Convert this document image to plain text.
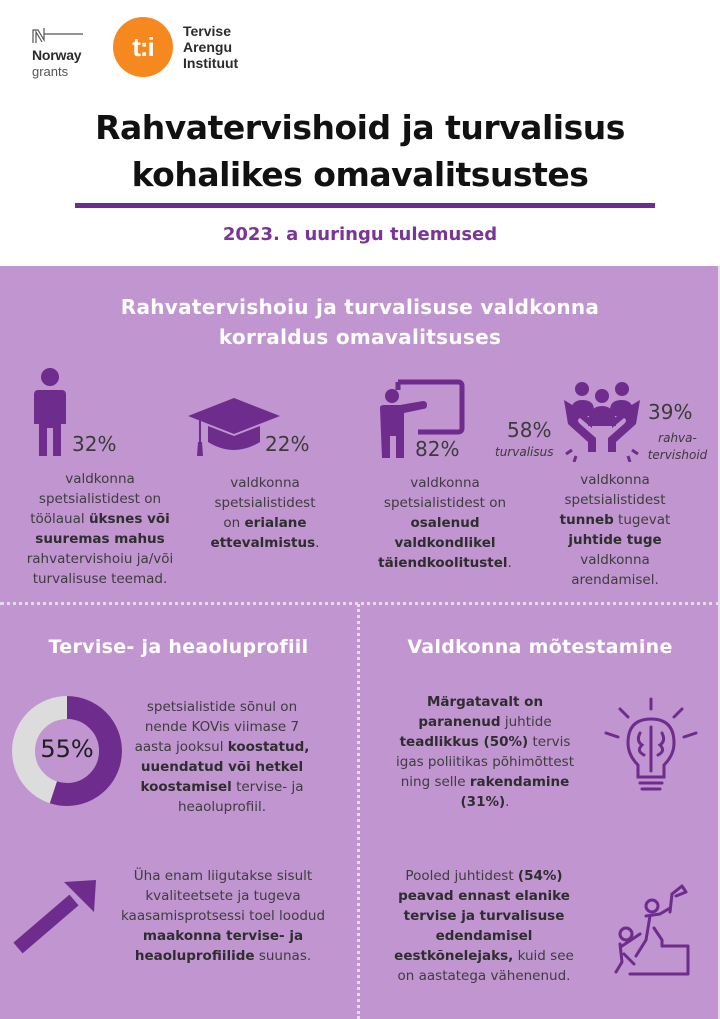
Norway
grants
t:i
Tervise
Arengu
Instituut
Rahvatervishoid ja turvalisus
kohalikes omavalitsustes
2023. a uuringu tulemused
Rahvatervishoiu ja turvalisuse valdkonna
korraldus omavalitsuses
32%
valdkonna
spetsialistidest on
töölaual üksnes või
suuremas mahus
rahvatervishoiu ja/või
turvalisuse teemad.
22%
valdkonna
spetsialistidest
on erialane
ettevalmistus.
82%
valdkonna
spetsialistidest on
osalenud
valdkondlikel
täiendkoolitustel.
58%
turvalisus
39%
rahva-
tervishoid
valdkonna
spetsialistidest
tunneb tugevat
juhtide tuge
valdkonna
arendamisel.
Tervise- ja heaoluprofiil
55%
spetsialistide sõnul on
nende KOVis viimase 7
aasta jooksul koostatud,
uuendatud või hetkel
koostamisel tervise- ja
heaoluprofiil.
Üha enam liigutakse sisult
kvaliteetsete ja tugeva
kaasamisprotsessi toel loodud
maakonna tervise- ja
heaoluprofiilide suunas.
Valdkonna mõtestamine
Märgatavalt on
paranenud juhtide
teadlikkus (50%) tervis
igas poliitikas põhimõttest
ning selle rakendamine
(31%).
Pooled juhtidest (54%)
peavad ennast elanike
tervise ja turvalisuse
edendamisel
eestkõnelejaks, kuid see
on aastatega vähenenud.
